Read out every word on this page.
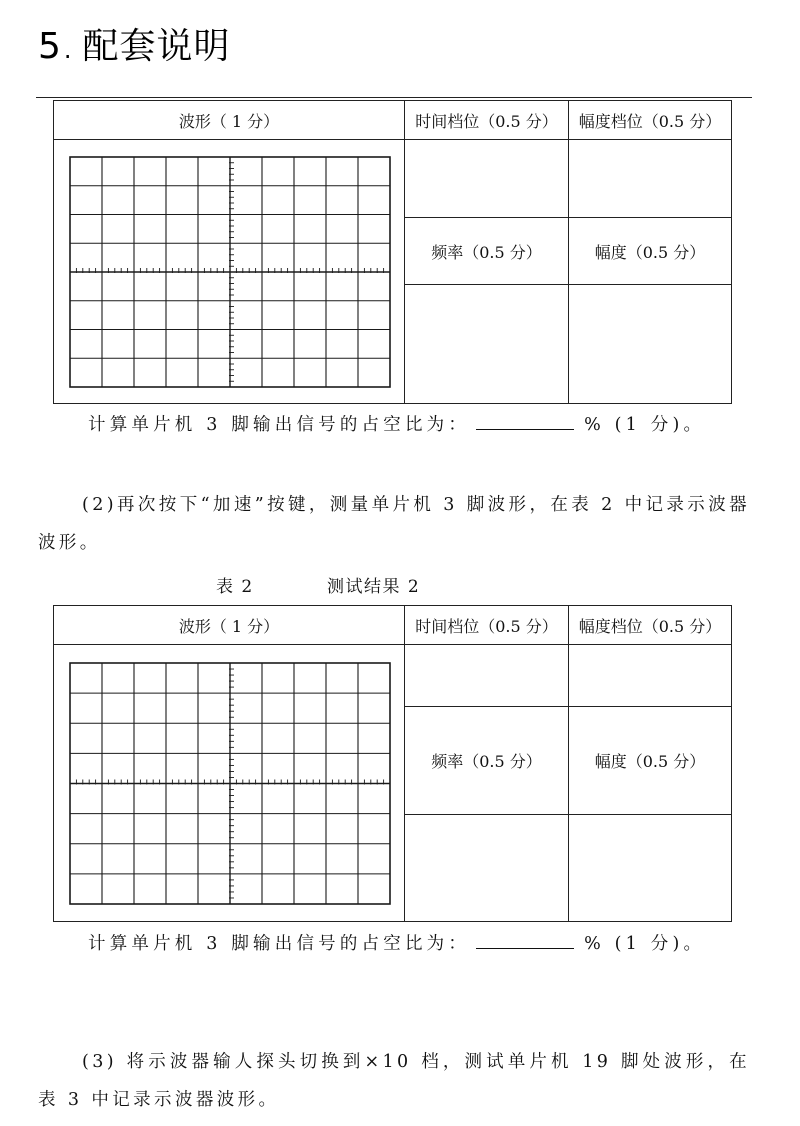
5. 配套说明
波形（ 1 分）	时间档位（0.5 分）	幅度档位（0.5 分）

	频率（0.5 分）	幅度（0.5 分）

计算单片机 3 脚输出信号的占空比为：	% (1 分)。
(2)再次按下“加速”按键，测量单片机 3 脚波形，在表 2 中记录示波器波形。
表 2	测试结果 2
波形（ 1 分）	时间档位（0.5 分）	幅度档位（0.5 分）

	频率（0.5 分）	幅度（0.5 分）

计算单片机 3 脚输出信号的占空比为：	% (1 分)。
(3) 将示波器输人探头切换到×10 档，测试单片机 19 脚处波形，在表 3 中记录示波器波形。
